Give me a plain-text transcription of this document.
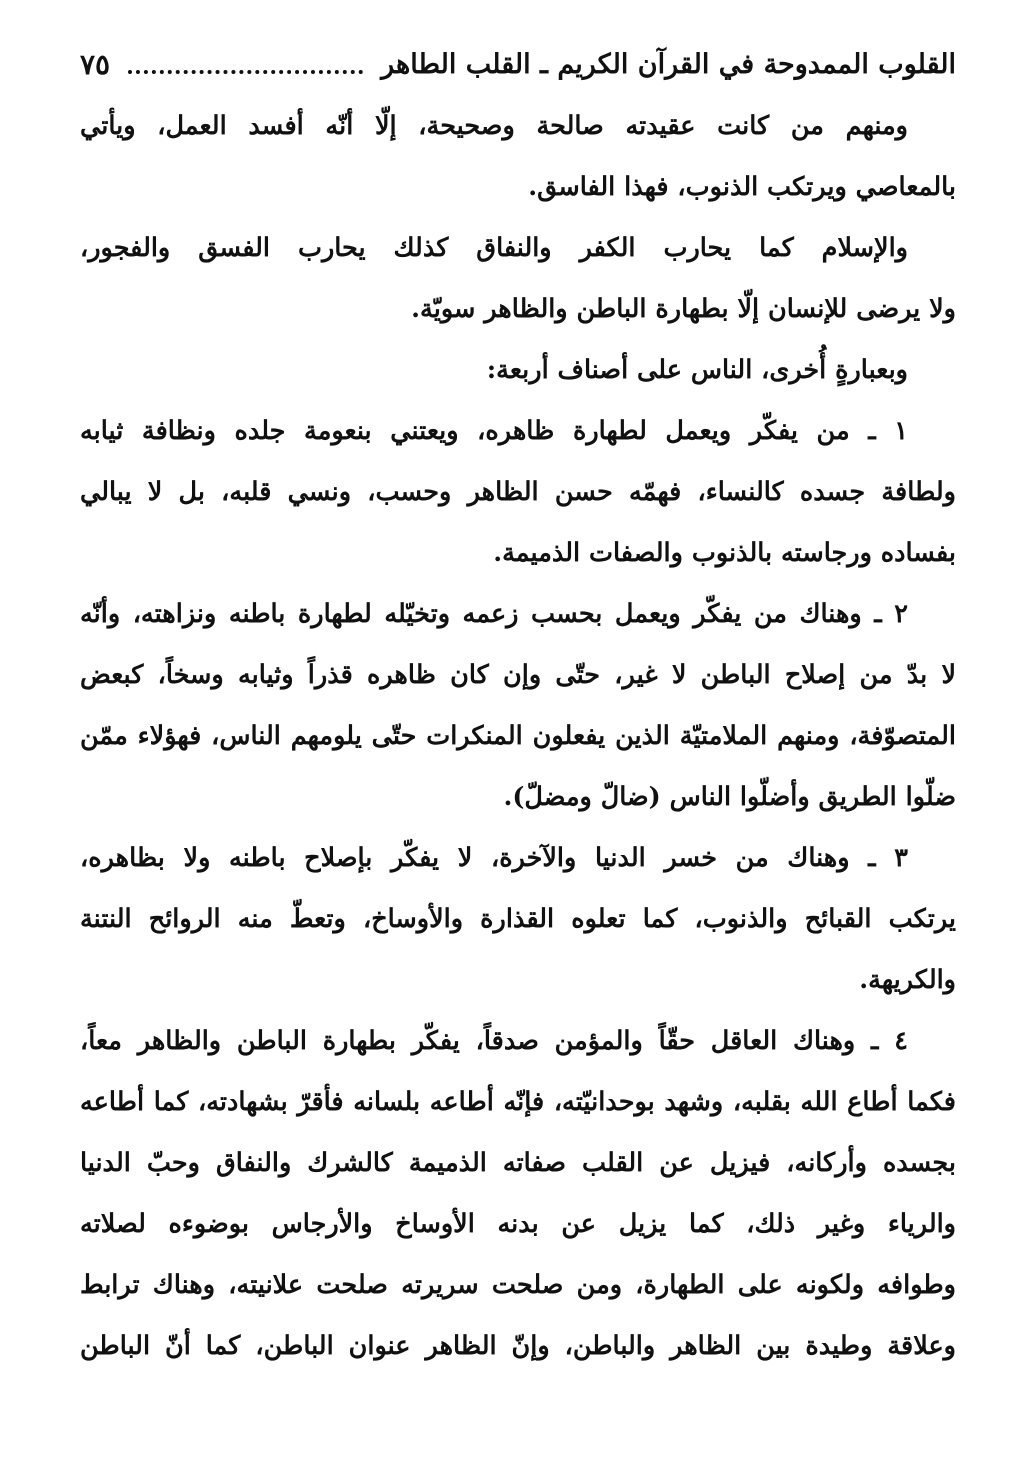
القلوب الممدوحة في القرآن الكريم ـ القلب الطاهر
٧٥
ومنهم من كانت عقيدته صالحة وصحيحة، إلّا أنّه أفسد العمل، ويأتي
بالمعاصي ويرتكب الذنوب، فهذا الفاسق.
والإسلام كما يحارب الكفر والنفاق كذلك يحارب الفسق والفجور،
ولا يرضى للإنسان إلّا بطهارة الباطن والظاهر سويّة.
وبعبارةٍ أُخرى، الناس على أصناف أربعة:
١ ـ من يفكّر ويعمل لطهارة ظاهره، ويعتني بنعومة جلده ونظافة ثيابه
ولطافة جسده كالنساء، فهمّه حسن الظاهر وحسب، ونسي قلبه، بل لا يبالي
بفساده ورجاسته بالذنوب والصفات الذميمة.
٢ ـ وهناك من يفكّر ويعمل بحسب زعمه وتخيّله لطهارة باطنه ونزاهته، وأنّه
لا بدّ من إصلاح الباطن لا غير، حتّى وإن كان ظاهره قذراً وثيابه وسخاً، كبعض
المتصوّفة، ومنهم الملامتيّة الذين يفعلون المنكرات حتّى يلومهم الناس، فهؤلاء ممّن
ضلّوا الطريق وأضلّوا الناس (ضالّ ومضلّ).
٣ ـ وهناك من خسر الدنيا والآخرة، لا يفكّر بإصلاح باطنه ولا بظاهره،
يرتكب القبائح والذنوب، كما تعلوه القذارة والأوساخ، وتعطّ منه الروائح النتنة
والكريهة.
٤ ـ وهناك العاقل حقّاً والمؤمن صدقاً، يفكّر بطهارة الباطن والظاهر معاً،
فكما أطاع الله بقلبه، وشهد بوحدانيّته، فإنّه أطاعه بلسانه فأقرّ بشهادته، كما أطاعه
بجسده وأركانه، فيزيل عن القلب صفاته الذميمة كالشرك والنفاق وحبّ الدنيا
والرياء وغير ذلك، كما يزيل عن بدنه الأوساخ والأرجاس بوضوءه لصلاته
وطوافه ولكونه على الطهارة، ومن صلحت سريرته صلحت علانيته، وهناك ترابط
وعلاقة وطيدة بين الظاهر والباطن، وإنّ الظاهر عنوان الباطن، كما أنّ الباطن
